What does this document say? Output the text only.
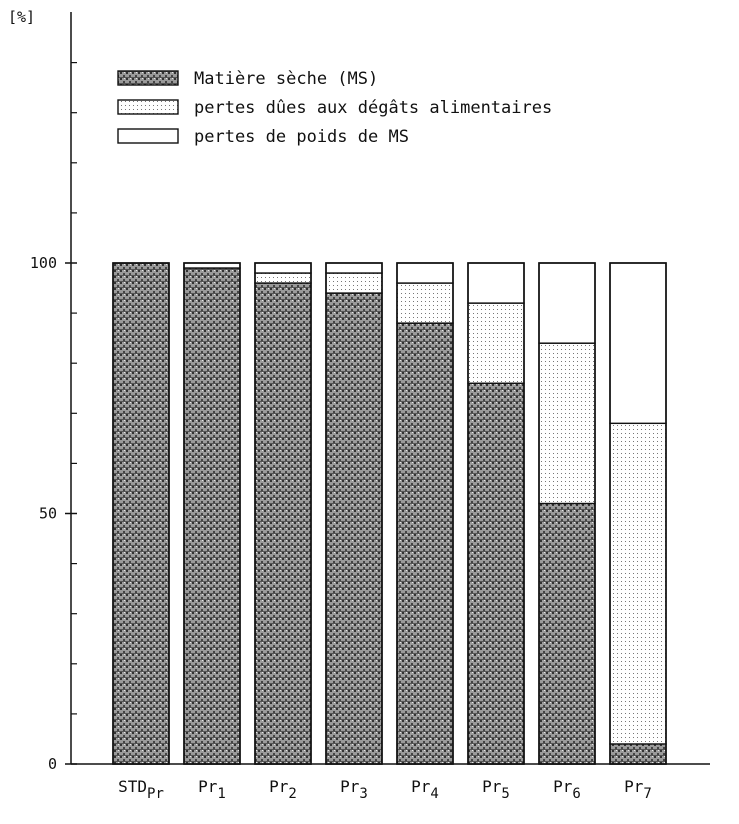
[%]
0
50
100
STDPr Pr1	Pr2	Pr3	Pr4	Pr5	Pr6	Pr7
Matière sèche (MS)
pertes dûes aux dégâts alimentaires
pertes de poids de MS
